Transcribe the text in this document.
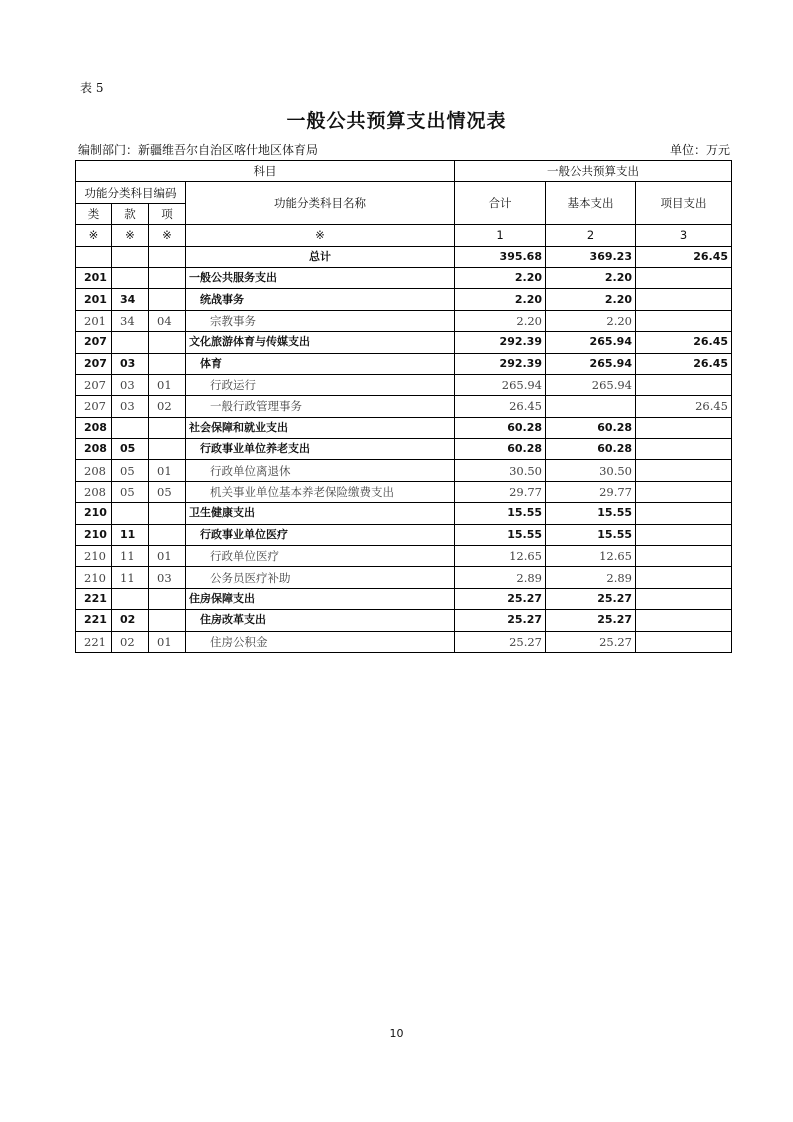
表 5
一般公共预算支出情况表
编制部门：新疆维吾尔自治区喀什地区体育局	单位：万元
科目				一般公共预算支出		
功能分类科目编码			功能分类科目名称	合计	基本支出	项目支出
类	款	项				
※	※	※	※	1	2	3
			总计	395.68	369.23	26.45
201			一般公共服务支出	2.20	2.20	
201	34		统战事务	2.20	2.20	
201	34	04	宗教事务	2.20	2.20	
207			文化旅游体育与传媒支出	292.39	265.94	26.45
207	03		体育	292.39	265.94	26.45
207	03	01	行政运行	265.94	265.94	
207	03	02	一般行政管理事务	26.45		26.45
208			社会保障和就业支出	60.28	60.28	
208	05		行政事业单位养老支出	60.28	60.28	
208	05	01	行政单位离退休	30.50	30.50	
208	05	05	机关事业单位基本养老保险缴费支出	29.77	29.77	
210			卫生健康支出	15.55	15.55	
210	11		行政事业单位医疗	15.55	15.55	
210	11	01	行政单位医疗	12.65	12.65	
210	11	03	公务员医疗补助	2.89	2.89	
221			住房保障支出	25.27	25.27	
221	02		住房改革支出	25.27	25.27	
221	02	01	住房公积金	25.27	25.27	
10
